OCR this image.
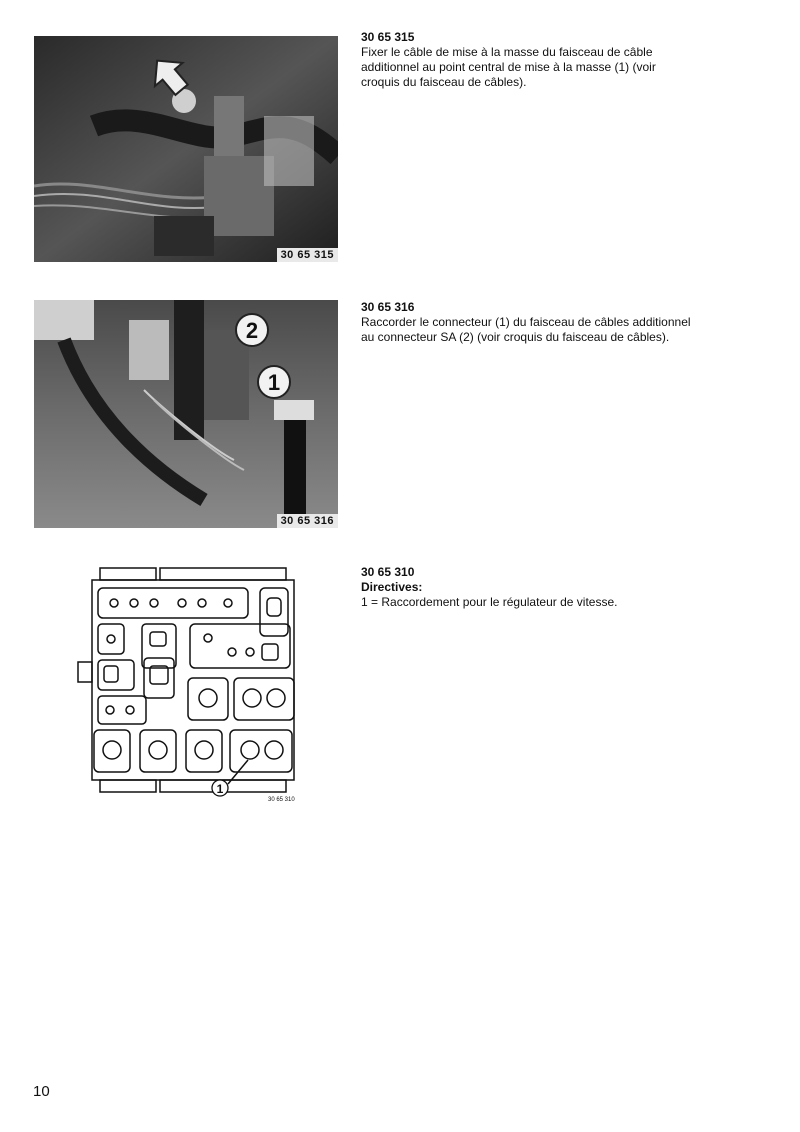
30 65 315
30 65 315
Fixer le câble de mise à la masse du faisceau de câble additionnel au point central de mise à la masse (1) (voir croquis du faisceau de câbles).
2
1
30 65 316
30 65 316
Raccorder le connecteur (1) du faisceau de câbles additionnel au connecteur SA (2) (voir croquis du faisceau de câbles).
1
30 65 310
30 65 310
Directives:
1 = Raccordement pour le régulateur de vitesse.
10
